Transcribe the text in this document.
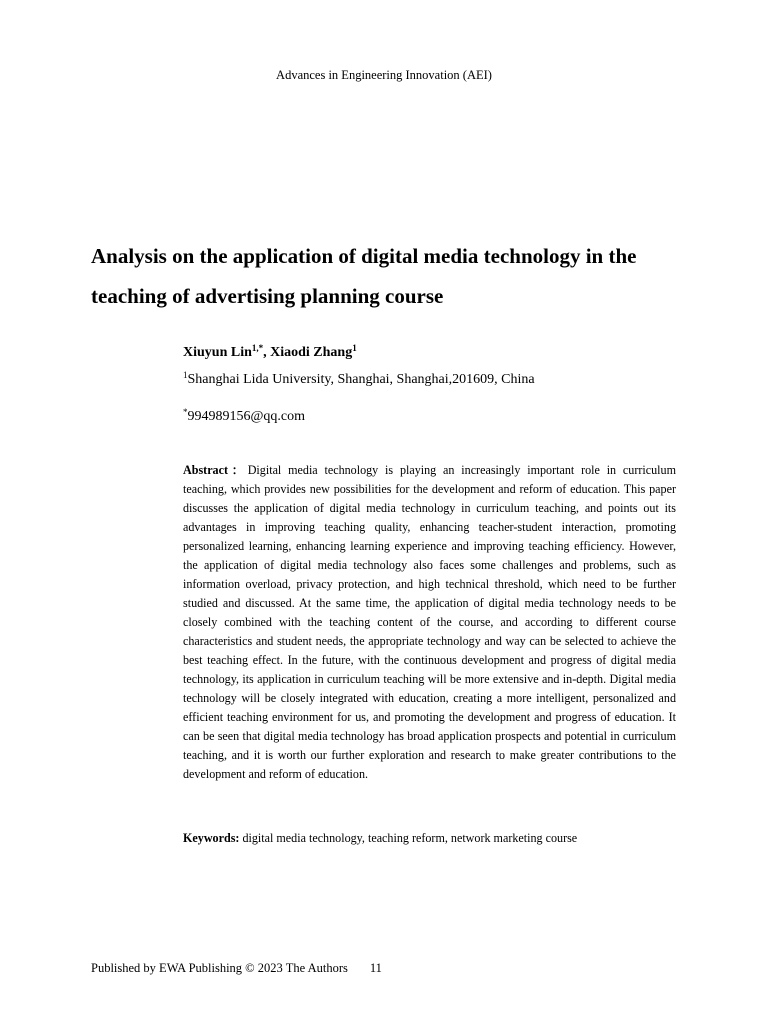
Advances in Engineering Innovation (AEI)
Analysis on the application of digital media technology in the teaching of advertising planning course
Xiuyun Lin$^{1,*}$, Xiaodi Zhang$^1$
$^1$Shanghai Lida University, Shanghai, Shanghai,201609, China
*994989156@qq.com

Abstract：Digital media technology is playing an increasingly important role in curriculum teaching, which provides new possibilities for the development and reform of education. This paper discusses the application of digital media technology in curriculum teaching, and points out its advantages in improving teaching quality, enhancing teacher-student interaction, promoting personalized learning, enhancing learning experience and improving teaching efficiency. However, the application of digital media technology also faces some challenges and problems, such as information overload, privacy protection, and high technical threshold, which need to be further studied and discussed. At the same time, the application of digital media technology needs to be closely combined with the teaching content of the course, and according to different course characteristics and student needs, the appropriate technology and way can be selected to achieve the best teaching effect. In the future, with the continuous development and progress of digital media technology, its application in curriculum teaching will be more extensive and in-depth. Digital media technology will be closely integrated with education, creating a more intelligent, personalized and efficient teaching environment for us, and promoting the development and progress of education. It can be seen that digital media technology has broad application prospects and potential in curriculum teaching, and it is worth our further exploration and research to make greater contributions to the development and reform of education.

Keywords: digital media technology, teaching reform, network marketing course
Published by EWA Publishing © 2023 The Authors 11
